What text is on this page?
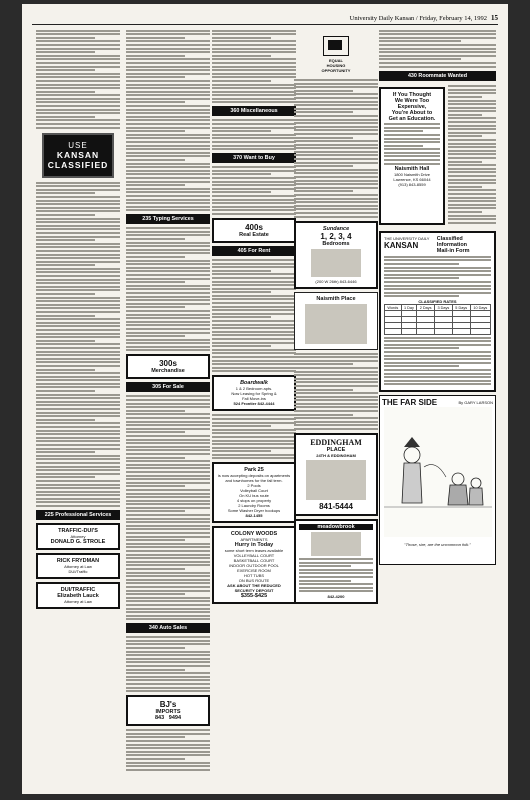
University Daily Kansan / Friday, February 14, 1992 15
USE
KANSAN
CLASSIFIED
225 Professional Services
TRAFFIC-DUI'S
Attorney
DONALD G. STROLE
RICK FRYDMAN
Attorney at Law
DUI/Traffic
DUI/TRAFFIC
Elizabeth Lauck
Attorney at Law
235 Typing Services
300s
Merchandise
305 For Sale
340 Auto Sales
BJ's
IMPORTS
843 9494
360 Miscellaneous
370 Want to Buy
400s
Real Estate
405 For Rent
Boardwalk
1 & 2 Bedroom apts.
Now Leasing for Spring &
Fall Move-ins
524 Frontier 842-4444
Park 25
is now accepting deposits on apartments and townhomes for the fall term.
2 Pools
Volleyball Court
On KU bus route
4 stops on property
2 Laundry Rooms
Some Washer Dryer hookups
842-1455
COLONY WOODS
APARTMENTS
Hurry in Today
some short term leases available
VOLLEYBALL COURT
BASKETBALL COURT
INDOOR OUTDOOR POOL
EXERCISE ROOM
HOT TUBS
ON BUS ROUTE
ASK ABOUT THE REDUCED SECURITY DEPOSIT
$355-$425
EQUAL
HOUSING
OPPORTUNITY
Sundance
1, 2, 3, 4
Bedrooms
(200 W 26th) 843-6446
Naismith Place
EDDINGHAM
PLACE
24TH & EDDINGHAM
841-5444
meadowbrook
842-4200
430 Roommate Wanted
If You Thought
We Were Too
Expensive,
You're About to
Get an Education.
Naismith Hall
1800 Naismith Drive
Lawrence, KS 66044
(913) 843-8559
THE UNIVERSITY DAILY
KANSAN
Classified Information
Mail-in Form
CLASSIFIED RATES
Words	1 Day	2 Days	3 Days	5 Days	10 Days

THE FAR SIDE	By GARY LARSON
"Those, sire, are the uncommon folk."
